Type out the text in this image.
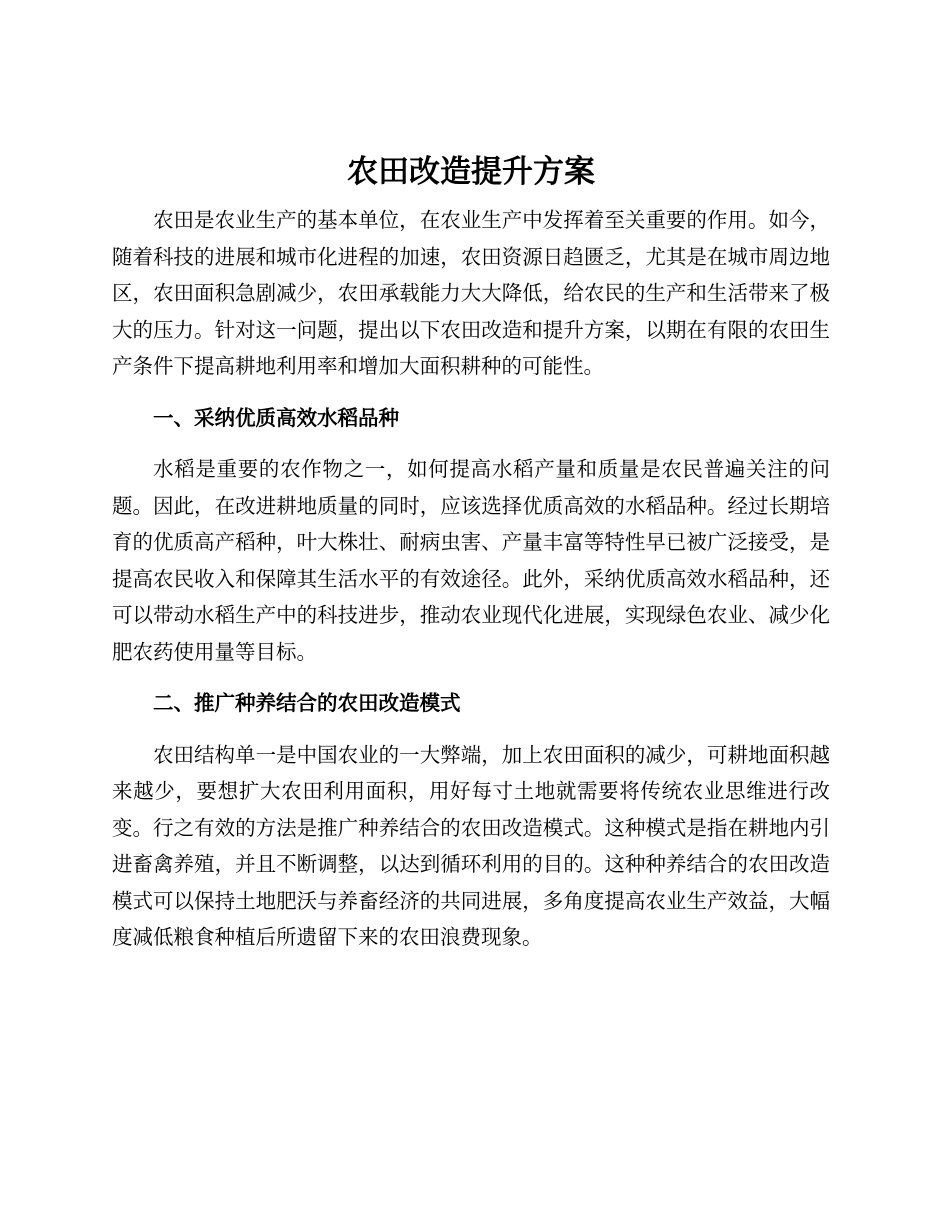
农田改造提升方案

农田是农业生产的基本单位，在农业生产中发挥着至关重要的作用。如今，随着科技的进展和城市化进程的加速，农田资源日趋匮乏，尤其是在城市周边地区，农田面积急剧减少，农田承载能力大大降低，给农民的生产和生活带来了极大的压力。针对这一问题，提出以下农田改造和提升方案，以期在有限的农田生产条件下提高耕地利用率和增加大面积耕种的可能性。

一、采纳优质高效水稻品种

水稻是重要的农作物之一，如何提高水稻产量和质量是农民普遍关注的问题。因此，在改进耕地质量的同时，应该选择优质高效的水稻品种。经过长期培育的优质高产稻种，叶大株壮、耐病虫害、产量丰富等特性早已被广泛接受，是提高农民收入和保障其生活水平的有效途径。此外，采纳优质高效水稻品种，还可以带动水稻生产中的科技进步，推动农业现代化进展，实现绿色农业、减少化肥农药使用量等目标。

二、推广种养结合的农田改造模式

农田结构单一是中国农业的一大弊端，加上农田面积的减少，可耕地面积越来越少，要想扩大农田利用面积，用好每寸土地就需要将传统农业思维进行改变。行之有效的方法是推广种养结合的农田改造模式。这种模式是指在耕地内引进畜禽养殖，并且不断调整，以达到循环利用的目的。这种种养结合的农田改造模式可以保持土地肥沃与养畜经济的共同进展，多角度提高农业生产效益，大幅度减低粮食种植后所遗留下来的农田浪费现象。
